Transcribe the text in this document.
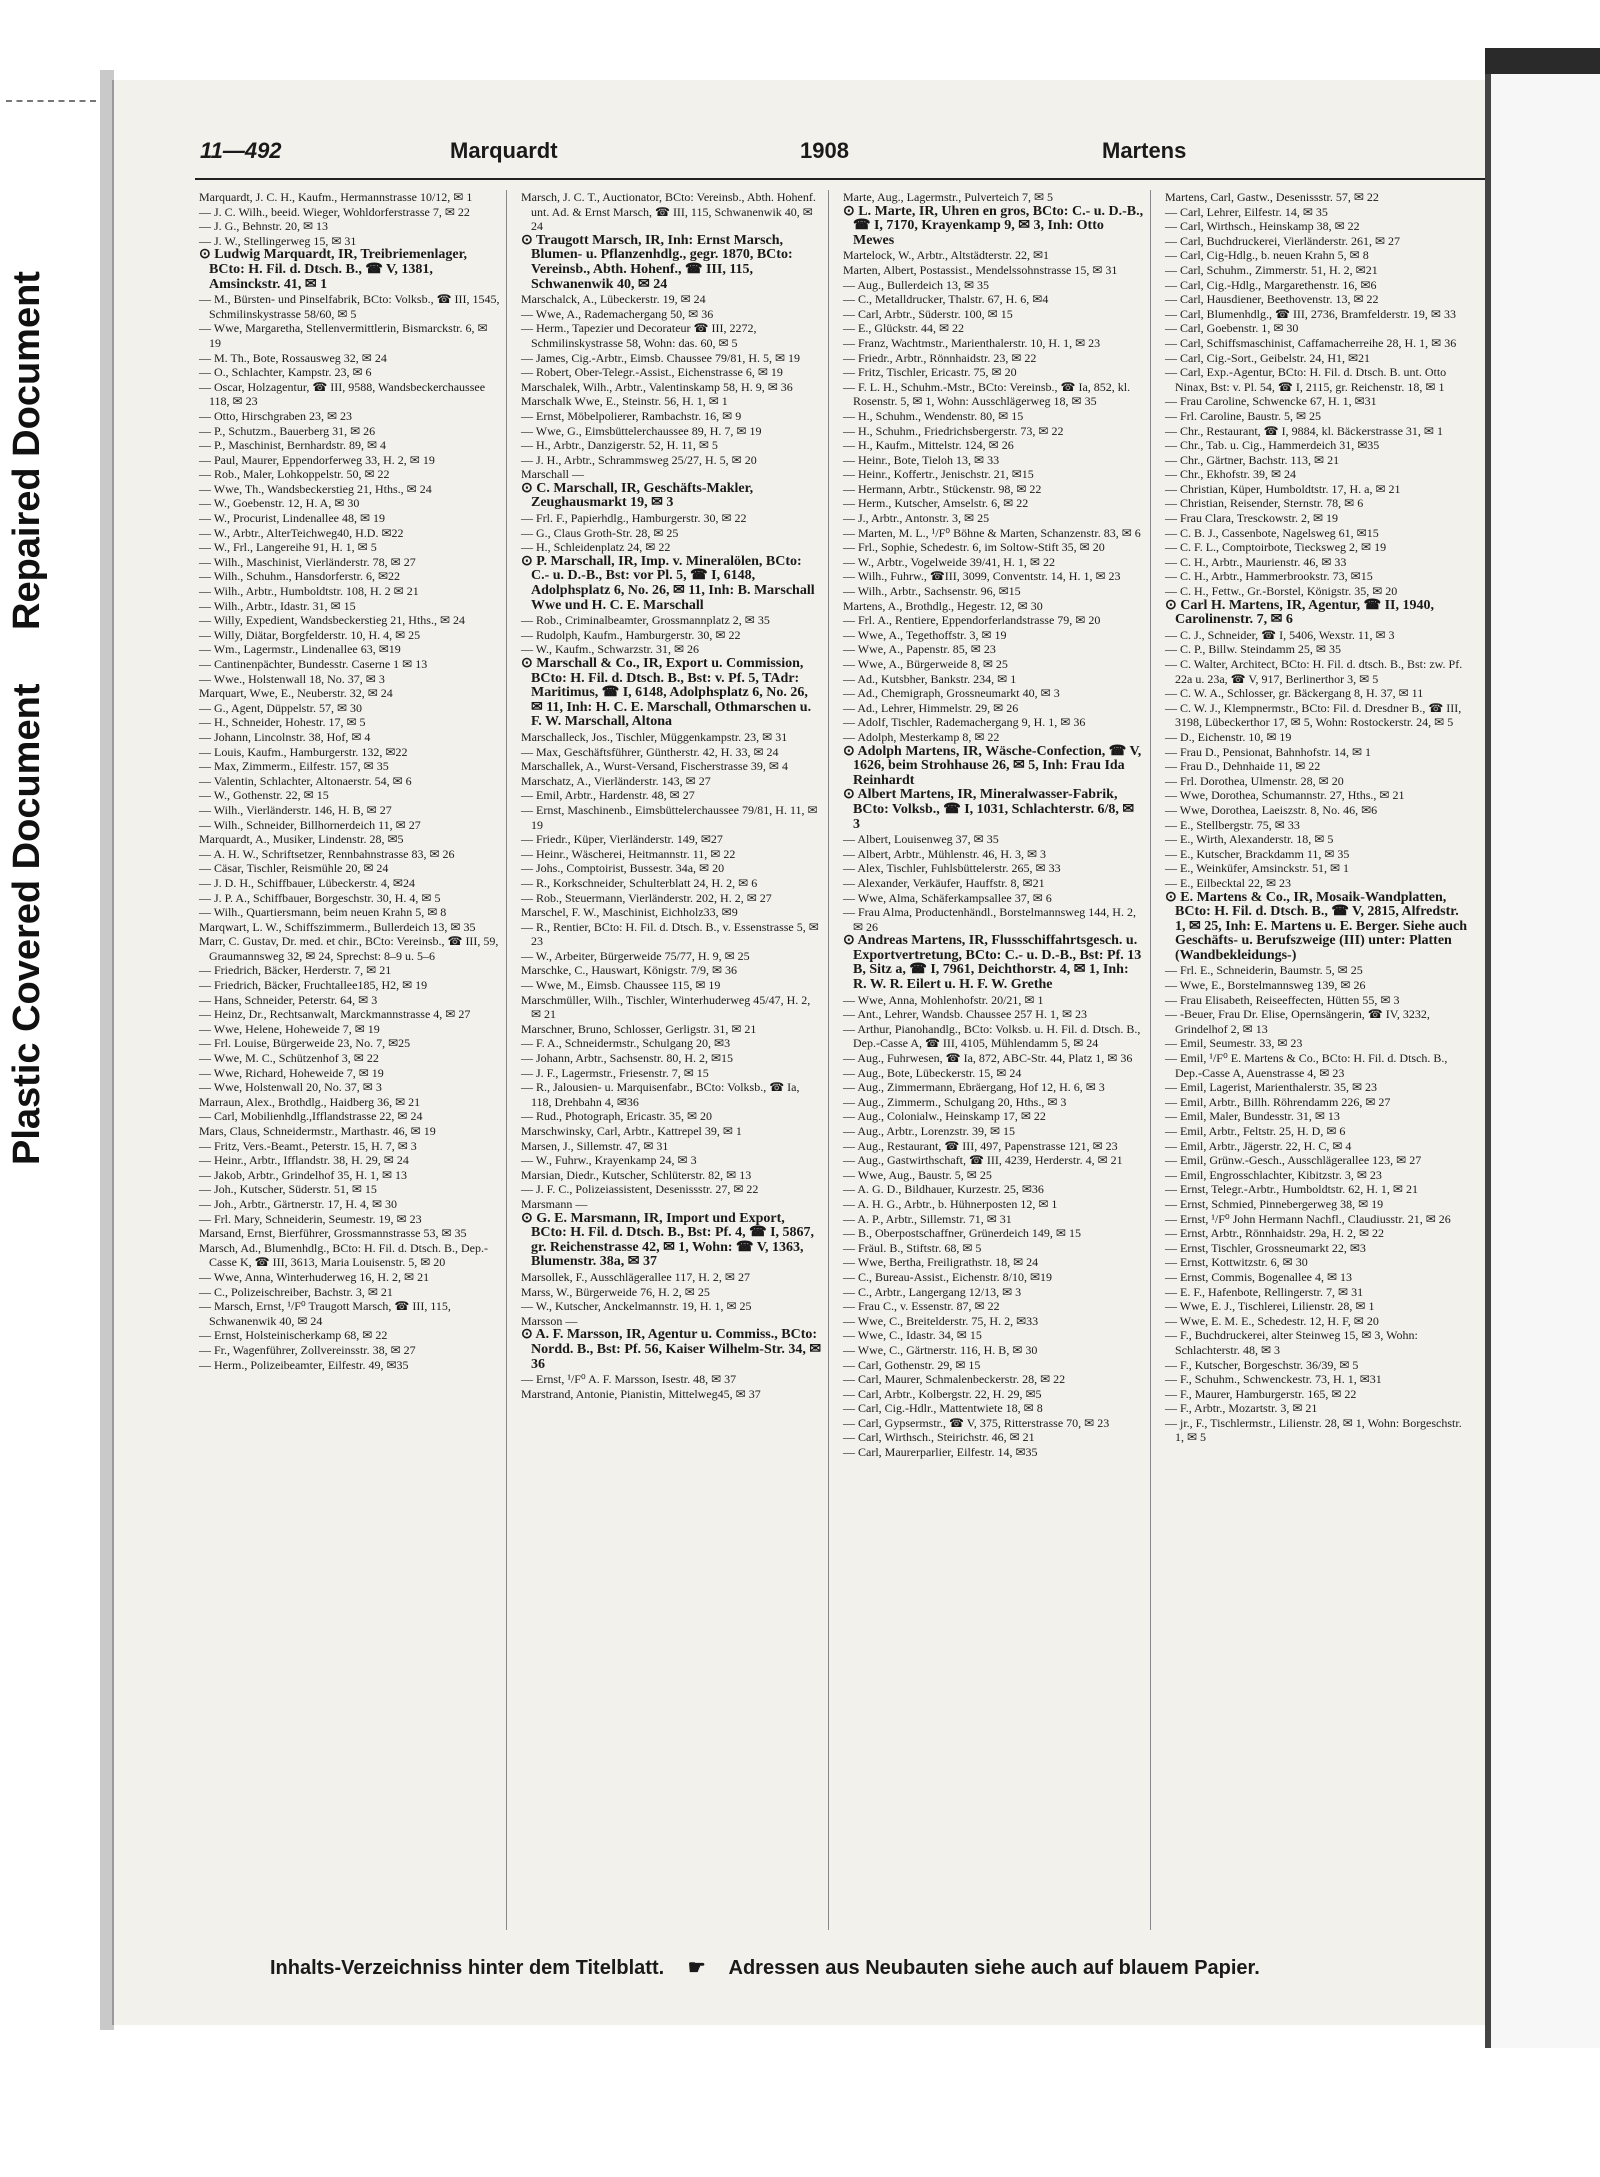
Plastic Covered Document
Repaired Document
11—492	Marquardt	1908	Martens

Marquardt, J. C. H., Kaufm., Hermannstrasse 10/12, ✉ 1

— J. C. Wilh., beeid. Wieger, Wohldorferstrasse 7, ✉ 22

— J. G., Behnstr. 20, ✉ 13

— J. W., Stellingerweg 15, ✉ 31

⊙ Ludwig Marquardt, IR, Treibriemenlager, BCto: H. Fil. d. Dtsch. B., ☎ V, 1381, Amsinckstr. 41, ✉ 1

— M., Bürsten- und Pinselfabrik, BCto: Volksb., ☎ III, 1545, Schmilinskystrasse 58/60, ✉ 5

— Wwe, Margaretha, Stellenvermittlerin, Bismarckstr. 6, ✉ 19

— M. Th., Bote, Rossausweg 32, ✉ 24

— O., Schlachter, Kampstr. 23, ✉ 6

— Oscar, Holzagentur, ☎ III, 9588, Wandsbeckerchaussee 118, ✉ 23

— Otto, Hirschgraben 23, ✉ 23

— P., Schutzm., Bauerberg 31, ✉ 26

— P., Maschinist, Bernhardstr. 89, ✉ 4

— Paul, Maurer, Eppendorferweg 33, H. 2, ✉ 19

— Rob., Maler, Lohkoppelstr. 50, ✉ 22

— Wwe, Th., Wandsbeckerstieg 21, Hths., ✉ 24

— W., Goebenstr. 12, H. A, ✉ 30

— W., Procurist, Lindenallee 48, ✉ 19

— W., Arbtr., AlterTeichweg40, H.D. ✉22

— W., Frl., Langereihe 91, H. 1, ✉ 5

— Wilh., Maschinist, Vierländerstr. 78, ✉ 27

— Wilh., Schuhm., Hansdorferstr. 6, ✉22

— Wilh., Arbtr., Humboldtstr. 108, H. 2 ✉ 21

— Wilh., Arbtr., Idastr. 31, ✉ 15

— Willy, Expedient, Wandsbeckerstieg 21, Hths., ✉ 24

— Willy, Diätar, Borgfelderstr. 10, H. 4, ✉ 25

— Wm., Lagermstr., Lindenallee 63, ✉19

— Cantinenpächter, Bundesstr. Caserne 1 ✉ 13

— Wwe., Holstenwall 18, No. 37, ✉ 3

Marquart, Wwe, E., Neuberstr. 32, ✉ 24

— G., Agent, Düppelstr. 57, ✉ 30

— H., Schneider, Hohestr. 17, ✉ 5

— Johann, Lincolnstr. 38, Hof, ✉ 4

— Louis, Kaufm., Hamburgerstr. 132, ✉22

— Max, Zimmerm., Eilfestr. 157, ✉ 35

— Valentin, Schlachter, Altonaerstr. 54, ✉ 6

— W., Gothenstr. 22, ✉ 15

— Wilh., Vierländerstr. 146, H. B, ✉ 27

— Wilh., Schneider, Billhornerdeich 11, ✉ 27

Marquardt, A., Musiker, Lindenstr. 28, ✉5

— A. H. W., Schriftsetzer, Rennbahnstrasse 83, ✉ 26

— Cäsar, Tischler, Reismühle 20, ✉ 24

— J. D. H., Schiffbauer, Lübeckerstr. 4, ✉24

— J. P. A., Schiffbauer, Borgeschstr. 30, H. 4, ✉ 5

— Wilh., Quartiersmann, beim neuen Krahn 5, ✉ 8

Marqwart, L. W., Schiffszimmerm., Bullerdeich 13, ✉ 35

Marr, C. Gustav, Dr. med. et chir., BCto: Vereinsb., ☎ III, 59, Graumannsweg 32, ✉ 24, Sprechst: 8–9 u. 5–6

— Friedrich, Bäcker, Herderstr. 7, ✉ 21

— Friedrich, Bäcker, Fruchtallee185, H2, ✉ 19

— Hans, Schneider, Peterstr. 64, ✉ 3

— Heinz, Dr., Rechtsanwalt, Marckmannstrasse 4, ✉ 27

— Wwe, Helene, Hoheweide 7, ✉ 19

— Frl. Louise, Bürgerweide 23, No. 7, ✉25

— Wwe, M. C., Schützenhof 3, ✉ 22

— Wwe, Richard, Hoheweide 7, ✉ 19

— Wwe, Holstenwall 20, No. 37, ✉ 3

Marraun, Alex., Brothdlg., Haidberg 36, ✉ 21

— Carl, Mobilienhdlg.,Ifflandstrasse 22, ✉ 24

Mars, Claus, Schneidermstr., Marthastr. 46, ✉ 19

— Fritz, Vers.-Beamt., Peterstr. 15, H. 7, ✉ 3

— Heinr., Arbtr., Ifflandstr. 38, H. 29, ✉ 24

— Jakob, Arbtr., Grindelhof 35, H. 1, ✉ 13

— Joh., Kutscher, Süderstr. 51, ✉ 15

— Joh., Arbtr., Gärtnerstr. 17, H. 4, ✉ 30

— Frl. Mary, Schneiderin, Seumestr. 19, ✉ 23

Marsand, Ernst, Bierführer, Grossmannstrasse 53, ✉ 35

Marsch, Ad., Blumenhdlg., BCto: H. Fil. d. Dtsch. B., Dep.-Casse K, ☎ III, 3613, Maria Louisenstr. 5, ✉ 20

— Wwe, Anna, Winterhuderweg 16, H. 2, ✉ 21

— C., Polizeischreiber, Bachstr. 3, ✉ 21

— Marsch, Ernst, ¹/F⁰ Traugott Marsch, ☎ III, 115, Schwanenwik 40, ✉ 24

— Ernst, Holsteinischerkamp 68, ✉ 22

— Fr., Wagenführer, Zollvereinsstr. 38, ✉ 27

— Herm., Polizeibeamter, Eilfestr. 49, ✉35

Marsch, J. C. T., Auctionator, BCto: Vereinsb., Abth. Hohenf. unt. Ad. & Ernst Marsch, ☎ III, 115, Schwanenwik 40, ✉ 24

⊙ Traugott Marsch, IR, Inh: Ernst Marsch, Blumen- u. Pflanzenhdlg., gegr. 1870, BCto: Vereinsb., Abth. Hohenf., ☎ III, 115, Schwanenwik 40, ✉ 24

Marschalck, A., Lübeckerstr. 19, ✉ 24

— Wwe, A., Rademachergang 50, ✉ 36

— Herm., Tapezier und Decorateur ☎ III, 2272, Schmilinskystrasse 58, Wohn: das. 60, ✉ 5

— James, Cig.-Arbtr., Eimsb. Chaussee 79/81, H. 5, ✉ 19

— Robert, Ober-Telegr.-Assist., Eichenstrasse 6, ✉ 19

Marschalek, Wilh., Arbtr., Valentinskamp 58, H. 9, ✉ 36

Marschalk Wwe, E., Steinstr. 56, H. 1, ✉ 1

— Ernst, Möbelpolierer, Rambachstr. 16, ✉ 9

— Wwe, G., Eimsbüttelerchaussee 89, H. 7, ✉ 19

— H., Arbtr., Danzigerstr. 52, H. 11, ✉ 5

— J. H., Arbtr., Schrammsweg 25/27, H. 5, ✉ 20

Marschall —

⊙ C. Marschall, IR, Geschäfts-Makler, Zeughausmarkt 19, ✉ 3

— Frl. F., Papierhdlg., Hamburgerstr. 30, ✉ 22

— G., Claus Groth-Str. 28, ✉ 25

— H., Schleidenplatz 24, ✉ 22

⊙ P. Marschall, IR, Imp. v. Mineralölen, BCto: C.- u. D.-B., Bst: vor Pl. 5, ☎ I, 6148, Adolphsplatz 6, No. 26, ✉ 11, Inh: B. Marschall Wwe und H. C. E. Marschall

— Rob., Criminalbeamter, Grossmannplatz 2, ✉ 35

— Rudolph, Kaufm., Hamburgerstr. 30, ✉ 22

— W., Kaufm., Schwarzstr. 31, ✉ 26

⊙ Marschall & Co., IR, Export u. Commission, BCto: H. Fil. d. Dtsch. B., Bst: v. Pf. 5, TAdr: Maritimus, ☎ I, 6148, Adolphsplatz 6, No. 26, ✉ 11, Inh: H. C. E. Marschall, Othmarschen u. F. W. Marschall, Altona

Marschalleck, Jos., Tischler, Müggenkampstr. 23, ✉ 31

— Max, Geschäftsführer, Güntherstr. 42, H. 33, ✉ 24

Marschallek, A., Wurst-Versand, Fischerstrasse 39, ✉ 4

Marschatz, A., Vierländerstr. 143, ✉ 27

— Emil, Arbtr., Hardenstr. 48, ✉ 27

— Ernst, Maschinenb., Eimsbüttelerchaussee 79/81, H. 11, ✉ 19

— Friedr., Küper, Vierländerstr. 149, ✉27

— Heinr., Wäscherei, Heitmannstr. 11, ✉ 22

— Johs., Comptoirist, Bussestr. 34a, ✉ 20

— R., Korkschneider, Schulterblatt 24, H. 2, ✉ 6

— Rob., Steuermann, Vierländerstr. 202, H. 2, ✉ 27

Marschel, F. W., Maschinist, Eichholz33, ✉9

— R., Rentier, BCto: H. Fil. d. Dtsch. B., v. Essenstrasse 5, ✉ 23

— W., Arbeiter, Bürgerweide 75/77, H. 9, ✉ 25

Marschke, C., Hauswart, Königstr. 7/9, ✉ 36

— Wwe, M., Eimsb. Chaussee 115, ✉ 19

Marschmüller, Wilh., Tischler, Winterhuderweg 45/47, H. 2, ✉ 21

Marschner, Bruno, Schlosser, Gerligstr. 31, ✉ 21

— F. A., Schneidermstr., Schulgang 20, ✉3

— Johann, Arbtr., Sachsenstr. 80, H. 2, ✉15

— J. F., Lagermstr., Friesenstr. 7, ✉ 15

— R., Jalousien- u. Marquisenfabr., BCto: Volksb., ☎ Ia, 118, Drehbahn 4, ✉36

— Rud., Photograph, Ericastr. 35, ✉ 20

Marschwinsky, Carl, Arbtr., Kattrepel 39, ✉ 1

Marsen, J., Sillemstr. 47, ✉ 31

— W., Fuhrw., Krayenkamp 24, ✉ 3

Marsian, Diedr., Kutscher, Schlüterstr. 82, ✉ 13

— J. F. C., Polizeiassistent, Desenissstr. 27, ✉ 22

Marsmann —

⊙ G. E. Marsmann, IR, Import und Export, BCto: H. Fil. d. Dtsch. B., Bst: Pf. 4, ☎ I, 5867, gr. Reichenstrasse 42, ✉ 1, Wohn: ☎ V, 1363, Blumenstr. 38a, ✉ 37

Marsollek, F., Ausschlägerallee 117, H. 2, ✉ 27

Marss, W., Bürgerweide 76, H. 2, ✉ 25

— W., Kutscher, Anckelmannstr. 19, H. 1, ✉ 25

Marsson —

⊙ A. F. Marsson, IR, Agentur u. Commiss., BCto: Nordd. B., Bst: Pf. 56, Kaiser Wilhelm-Str. 34, ✉ 36

— Ernst, ¹/F⁰ A. F. Marsson, Isestr. 48, ✉ 37

Marstrand, Antonie, Pianistin, Mittelweg45, ✉ 37

Marte, Aug., Lagermstr., Pulverteich 7, ✉ 5

⊙ L. Marte, IR, Uhren en gros, BCto: C.- u. D.-B., ☎ I, 7170, Krayenkamp 9, ✉ 3, Inh: Otto Mewes

Martelock, W., Arbtr., Altstädterstr. 22, ✉1

Marten, Albert, Postassist., Mendelssohnstrasse 15, ✉ 31

— Aug., Bullerdeich 13, ✉ 35

— C., Metalldrucker, Thalstr. 67, H. 6, ✉4

— Carl, Arbtr., Süderstr. 100, ✉ 15

— E., Glückstr. 44, ✉ 22

— Franz, Wachtmstr., Marienthalerstr. 10, H. 1, ✉ 23

— Friedr., Arbtr., Rönnhaidstr. 23, ✉ 22

— Fritz, Tischler, Ericastr. 75, ✉ 20

— F. L. H., Schuhm.-Mstr., BCto: Vereinsb., ☎ Ia, 852, kl. Rosenstr. 5, ✉ 1, Wohn: Ausschlägerweg 18, ✉ 35

— H., Schuhm., Wendenstr. 80, ✉ 15

— H., Schuhm., Friedrichsbergerstr. 73, ✉ 22

— H., Kaufm., Mittelstr. 124, ✉ 26

— Heinr., Bote, Tieloh 13, ✉ 33

— Heinr., Koffertr., Jenischstr. 21, ✉15

— Hermann, Arbtr., Stückenstr. 98, ✉ 22

— Herm., Kutscher, Amselstr. 6, ✉ 22

— J., Arbtr., Antonstr. 3, ✉ 25

— Marten, M. L., ¹/F⁰ Böhne & Marten, Schanzenstr. 83, ✉ 6

— Frl., Sophie, Schedestr. 6, im Soltow-Stift 35, ✉ 20

— W., Arbtr., Vogelweide 39/41, H. 1, ✉ 22

— Wilh., Fuhrw., ☎III, 3099, Conventstr. 14, H. 1, ✉ 23

— Wilh., Arbtr., Sachsenstr. 96, ✉15

Martens, A., Brothdlg., Hegestr. 12, ✉ 30

— Frl. A., Rentiere, Eppendorferlandstrasse 79, ✉ 20

— Wwe, A., Tegethoffstr. 3, ✉ 19

— Wwe, A., Papenstr. 85, ✉ 23

— Wwe, A., Bürgerweide 8, ✉ 25

— Ad., Kutsbher, Bankstr. 234, ✉ 1

— Ad., Chemigraph, Grossneumarkt 40, ✉ 3

— Ad., Lehrer, Himmelstr. 29, ✉ 26

— Adolf, Tischler, Rademachergang 9, H. 1, ✉ 36

— Adolph, Mesterkamp 8, ✉ 22

⊙ Adolph Martens, IR, Wäsche-Confection, ☎ V, 1626, beim Strohhause 26, ✉ 5, Inh: Frau Ida Reinhardt

⊙ Albert Martens, IR, Mineralwasser-Fabrik, BCto: Volksb., ☎ I, 1031, Schlachterstr. 6/8, ✉ 3

— Albert, Louisenweg 37, ✉ 35

— Albert, Arbtr., Mühlenstr. 46, H. 3, ✉ 3

— Alex, Tischler, Fuhlsbüttelerstr. 265, ✉ 33

— Alexander, Verkäufer, Hauffstr. 8, ✉21

— Wwe, Alma, Schäferkampsallee 37, ✉ 6

— Frau Alma, Productenhändl., Borstelmannsweg 144, H. 2, ✉ 26

⊙ Andreas Martens, IR, Flussschiffahrtsgesch. u. Exportvertretung, BCto: C.- u. D.-B., Bst: Pf. 13 B, Sitz a, ☎ I, 7961, Deichthorstr. 4, ✉ 1, Inh: R. W. R. Eilert u. H. F. W. Grethe

— Wwe, Anna, Mohlenhofstr. 20/21, ✉ 1

— Ant., Lehrer, Wandsb. Chaussee 257 H. 1, ✉ 23

— Arthur, Pianohandlg., BCto: Volksb. u. H. Fil. d. Dtsch. B., Dep.-Casse A, ☎ III, 4105, Mühlendamm 5, ✉ 24

— Aug., Fuhrwesen, ☎ Ia, 872, ABC-Str. 44, Platz 1, ✉ 36

— Aug., Bote, Lübeckerstr. 15, ✉ 24

— Aug., Zimmermann, Ebräergang, Hof 12, H. 6, ✉ 3

— Aug., Zimmerm., Schulgang 20, Hths., ✉ 3

— Aug., Colonialw., Heinskamp 17, ✉ 22

— Aug., Arbtr., Lorenzstr. 39, ✉ 15

— Aug., Restaurant, ☎ III, 497, Papenstrasse 121, ✉ 23

— Aug., Gastwirthschaft, ☎ III, 4239, Herderstr. 4, ✉ 21

— Wwe, Aug., Baustr. 5, ✉ 25

— A. G. D., Bildhauer, Kurzestr. 25, ✉36

— A. H. G., Arbtr., b. Hühnerposten 12, ✉ 1

— A. P., Arbtr., Sillemstr. 71, ✉ 31

— B., Oberpostschaffner, Grünerdeich 149, ✉ 15

— Fräul. B., Stiftstr. 68, ✉ 5

— Wwe, Bertha, Freiligrathstr. 18, ✉ 24

— C., Bureau-Assist., Eichenstr. 8/10, ✉19

— C., Arbtr., Langergang 12/13, ✉ 3

— Frau C., v. Essenstr. 87, ✉ 22

— Wwe, C., Breitelderstr. 75, H. 2, ✉33

— Wwe, C., Idastr. 34, ✉ 15

— Wwe, C., Gärtnerstr. 116, H. B, ✉ 30

— Carl, Gothenstr. 29, ✉ 15

— Carl, Maurer, Schmalenbeckerstr. 28, ✉ 22

— Carl, Arbtr., Kolbergstr. 22, H. 29, ✉5

— Carl, Cig.-Hdlr., Mattentwiete 18, ✉ 8

— Carl, Gypsermstr., ☎ V, 375, Ritterstrasse 70, ✉ 23

— Carl, Wirthsch., Steirichstr. 46, ✉ 21

— Carl, Maurerparlier, Eilfestr. 14, ✉35

Martens, Carl, Gastw., Desenissstr. 57, ✉ 22

— Carl, Lehrer, Eilfestr. 14, ✉ 35

— Carl, Wirthsch., Heinskamp 38, ✉ 22

— Carl, Buchdruckerei, Vierländerstr. 261, ✉ 27

— Carl, Cig-Hdlg., b. neuen Krahn 5, ✉ 8

— Carl, Schuhm., Zimmerstr. 51, H. 2, ✉21

— Carl, Cig.-Hdlg., Margarethenstr. 16, ✉6

— Carl, Hausdiener, Beethovenstr. 13, ✉ 22

— Carl, Blumenhdlg., ☎ III, 2736, Bramfelderstr. 19, ✉ 33

— Carl, Goebenstr. 1, ✉ 30

— Carl, Schiffsmaschinist, Caffamacherreihe 28, H. 1, ✉ 36

— Carl, Cig.-Sort., Geibelstr. 24, H1, ✉21

— Carl, Exp.-Agentur, BCto: H. Fil. d. Dtsch. B. unt. Otto Ninax, Bst: v. Pl. 54, ☎ I, 2115, gr. Reichenstr. 18, ✉ 1

— Frau Caroline, Schwencke 67, H. 1, ✉31

— Frl. Caroline, Baustr. 5, ✉ 25

— Chr., Restaurant, ☎ I, 9884, kl. Bäckerstrasse 31, ✉ 1

— Chr., Tab. u. Cig., Hammerdeich 31, ✉35

— Chr., Gärtner, Bachstr. 113, ✉ 21

— Chr., Ekhofstr. 39, ✉ 24

— Christian, Küper, Humboldtstr. 17, H. a, ✉ 21

— Christian, Reisender, Sternstr. 78, ✉ 6

— Frau Clara, Tresckowstr. 2, ✉ 19

— C. B. J., Cassenbote, Nagelsweg 61, ✉15

— C. F. L., Comptoirbote, Tiecksweg 2, ✉ 19

— C. H., Arbtr., Maurienstr. 46, ✉ 33

— C. H., Arbtr., Hammerbrookstr. 73, ✉15

— C. H., Fettw., Gr.-Borstel, Königstr. 35, ✉ 20

⊙ Carl H. Martens, IR, Agentur, ☎ II, 1940, Carolinenstr. 7, ✉ 6

— C. J., Schneider, ☎ I, 5406, Wexstr. 11, ✉ 3

— C. P., Billw. Steindamm 25, ✉ 35

— C. Walter, Architect, BCto: H. Fil. d. dtsch. B., Bst: zw. Pf. 22a u. 23a, ☎ V, 917, Berlinerthor 3, ✉ 5

— C. W. A., Schlosser, gr. Bäckergang 8, H. 37, ✉ 11

— C. W. J., Klempnermstr., BCto: Fil. d. Dresdner B., ☎ III, 3198, Lübeckerthor 17, ✉ 5, Wohn: Rostockerstr. 24, ✉ 5

— D., Eichenstr. 10, ✉ 19

— Frau D., Pensionat, Bahnhofstr. 14, ✉ 1

— Frau D., Dehnhaide 11, ✉ 22

— Frl. Dorothea, Ulmenstr. 28, ✉ 20

— Wwe, Dorothea, Schumannstr. 27, Hths., ✉ 21

— Wwe, Dorothea, Laeiszstr. 8, No. 46, ✉6

— E., Stellbergstr. 75, ✉ 33

— E., Wirth, Alexanderstr. 18, ✉ 5

— E., Kutscher, Brackdamm 11, ✉ 35

— E., Weinküfer, Amsinckstr. 51, ✉ 1

— E., Eilbecktal 22, ✉ 23

⊙ E. Martens & Co., IR, Mosaik-Wandplatten, BCto: H. Fil. d. Dtsch. B., ☎ V, 2815, Alfredstr. 1, ✉ 25, Inh: E. Martens u. E. Berger. Siehe auch Geschäfts- u. Berufszweige (III) unter: Platten (Wandbekleidungs-)

— Frl. E., Schneiderin, Baumstr. 5, ✉ 25

— Wwe, E., Borstelmannsweg 139, ✉ 26

— Frau Elisabeth, Reiseeffecten, Hütten 55, ✉ 3

— -Beuer, Frau Dr. Elise, Opernsängerin, ☎ IV, 3232, Grindelhof 2, ✉ 13

— Emil, Seumestr. 33, ✉ 23

— Emil, ¹/F⁰ E. Martens & Co., BCto: H. Fil. d. Dtsch. B., Dep.-Casse A, Auenstrasse 4, ✉ 23

— Emil, Lagerist, Marienthalerstr. 35, ✉ 23

— Emil, Arbtr., Billh. Röhrendamm 226, ✉ 27

— Emil, Maler, Bundesstr. 31, ✉ 13

— Emil, Arbtr., Feltstr. 25, H. D, ✉ 6

— Emil, Arbtr., Jägerstr. 22, H. C, ✉ 4

— Emil, Grünw.-Gesch., Ausschlägerallee 123, ✉ 27

— Emil, Engrosschlachter, Kibitzstr. 3, ✉ 23

— Ernst, Telegr.-Arbtr., Humboldtstr. 62, H. 1, ✉ 21

— Ernst, Schmied, Pinnebergerweg 38, ✉ 19

— Ernst, ¹/F⁰ John Hermann Nachfl., Claudiusstr. 21, ✉ 26

— Ernst, Arbtr., Rönnhaidstr. 29a, H. 2, ✉ 22

— Ernst, Tischler, Grossneumarkt 22, ✉3

— Ernst, Kottwitzstr. 6, ✉ 30

— Ernst, Commis, Bogenallee 4, ✉ 13

— E. F., Hafenbote, Rellingerstr. 7, ✉ 31

— Wwe, E. J., Tischlerei, Lilienstr. 28, ✉ 1

— Wwe, E. M. E., Schedestr. 12, H. F, ✉ 20

— F., Buchdruckerei, alter Steinweg 15, ✉ 3, Wohn: Schlachterstr. 48, ✉ 3

— F., Kutscher, Borgeschstr. 36/39, ✉ 5

— F., Schuhm., Schwenckestr. 73, H. 1, ✉31

— F., Maurer, Hamburgerstr. 165, ✉ 22

— F., Arbtr., Mozartstr. 3, ✉ 21

— jr., F., Tischlermstr., Lilienstr. 28, ✉ 1, Wohn: Borgeschstr. 1, ✉ 5

Inhalts-Verzeichniss hinter dem Titelblatt. ☛ Adressen aus Neubauten siehe auch auf blauem Papier.
